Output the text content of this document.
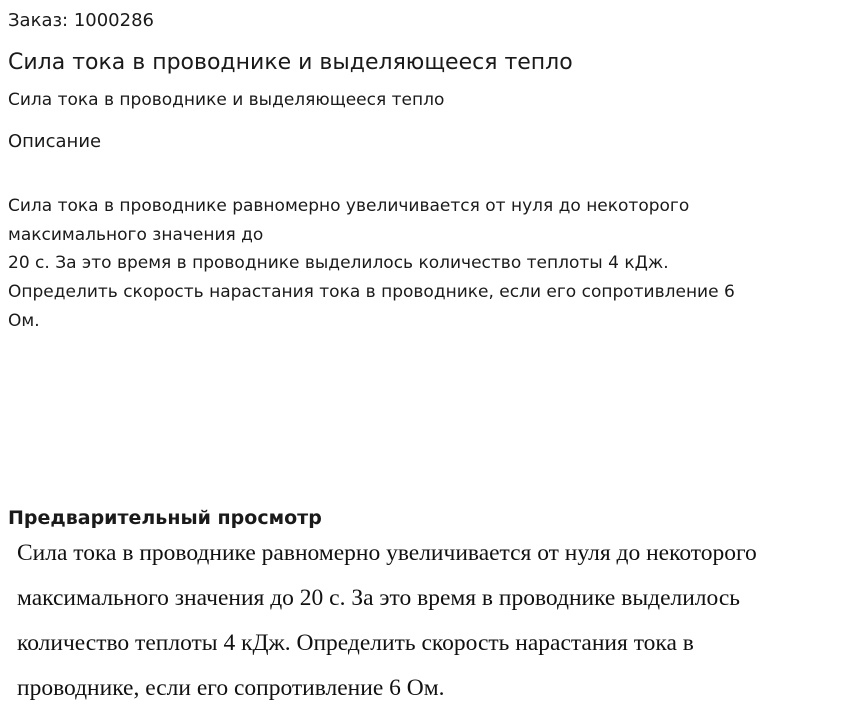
Заказ: 1000286
Сила тока в проводнике и выделяющееся тепло
Сила тока в проводнике и выделяющееся тепло
Описание
Сила тока в проводнике равномерно увеличивается от нуля до некоторого
максимального значения до
20 с. За это время в проводнике выделилось количество теплоты 4 кДж.
Определить скорость нарастания тока в проводнике, если его сопротивление 6
Ом.
Предварительный просмотр
Сила тока в проводнике равномерно увеличивается от нуля до некоторого
максимального значения до 20 с. За это время в проводнике выделилось
количество теплоты 4 кДж. Определить скорость нарастания тока в
проводнике, если его сопротивление 6 Ом.
